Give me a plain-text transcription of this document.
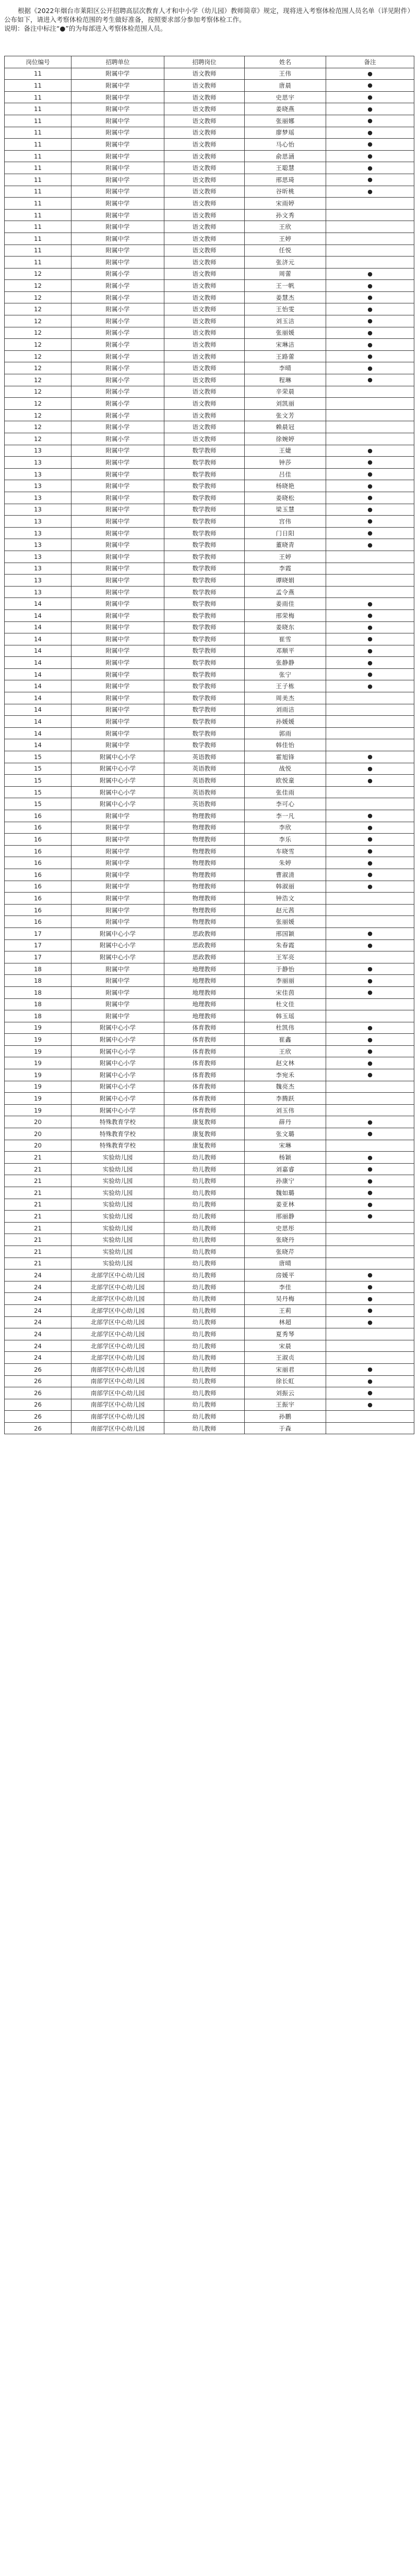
根据《2022年烟台市莱阳区公开招聘高层次教育人才和中小学（幼儿园）教师简章》规定，现将进入考察体检范围人员名单（详见附件）公布如下，请进入考察体检范围的考生做好准备，按照要求部分参加考察体检工作。

说明：备注中标注“●”的为每部进入考察体检范围人员。

岗位编号	招聘单位	招聘岗位	姓名	备注
11	附属中学	语文教师	王伟	●
11	附属中学	语文教师	唐晨	●
11	附属中学	语文教师	史思宇	●
11	附属中学	语文教师	姜晓燕	●
11	附属中学	语文教师	张丽娜	●
11	附属中学	语文教师	廖梦瑶	●
11	附属中学	语文教师	马心怡	●
11	附属中学	语文教师	俞思涵	●
11	附属中学	语文教师	王聪慧	●
11	附属中学	语文教师	邢思琦	●
11	附属中学	语文教师	谷昕桃	●
11	附属中学	语文教师	宋雨婷	
11	附属中学	语文教师	孙文秀	
11	附属中学	语文教师	王欣	
11	附属中学	语文教师	王婷	
11	附属中学	语文教师	任悦	
11	附属中学	语文教师	张济元	
12	附属小学	语文教师	周蕾	●
12	附属小学	语文教师	王一帆	●
12	附属小学	语文教师	姜慧杰	●
12	附属小学	语文教师	王怡雯	●
12	附属小学	语文教师	刘玉洁	●
12	附属小学	语文教师	张丽媛	●
12	附属小学	语文教师	宋琳洁	●
12	附属小学	语文教师	王路蕾	●
12	附属小学	语文教师	李晴	●
12	附属小学	语文教师	程琳	●
12	附属小学	语文教师	辛荣晨	
12	附属小学	语文教师	刘凯丽	
12	附属小学	语文教师	张文芳	
12	附属小学	语文教师	赖晨冠	
12	附属小学	语文教师	徐婉婷	
13	附属中学	数学教师	王婕	●
13	附属中学	数学教师	钟莎	●
13	附属中学	数学教师	吕佳	●
13	附属中学	数学教师	杨晓艳	●
13	附属中学	数学教师	姜晓松	●
13	附属中学	数学教师	梁玉慧	●
13	附属中学	数学教师	宫伟	●
13	附属中学	数学教师	门日阳	●
13	附属中学	数学教师	董晓青	●
13	附属中学	数学教师	王婷	
13	附属中学	数学教师	李霞	
13	附属中学	数学教师	谭晓娟	
13	附属中学	数学教师	孟令燕	
14	附属中学	数学教师	姜雨佳	●
14	附属中学	数学教师	邢荣梅	●
14	附属中学	数学教师	姜晓东	●
14	附属中学	数学教师	崔雪	●
14	附属中学	数学教师	邓顺平	●
14	附属中学	数学教师	张静静	●
14	附属中学	数学教师	张宁	●
14	附属中学	数学教师	王子栋	●
14	附属中学	数学教师	周美杰	
14	附属中学	数学教师	刘雨洁	
14	附属中学	数学教师	孙媛媛	
14	附属中学	数学教师	郭雨	
14	附属中学	数学教师	韩佳怡	
15	附属中心小学	英语教师	霍旭锋	●
15	附属中心小学	英语教师	战悦	●
15	附属中心小学	英语教师	欧悦童	●
15	附属中心小学	英语教师	张佳雨	
15	附属中心小学	英语教师	李可心	
16	附属中学	物理教师	李一凡	●
16	附属中学	物理教师	李欣	●
16	附属中学	物理教师	李乐	●
16	附属中学	物理教师	车晓雪	●
16	附属中学	物理教师	朱婷	●
16	附属中学	物理教师	曹淑清	●
16	附属中学	物理教师	韩淑丽	●
16	附属中学	物理教师	钟浩文	
16	附属中学	物理教师	赵元茜	
16	附属中学	物理教师	张丽媛	
17	附属中心小学	思政教师	邢国颖	●
17	附属中心小学	思政教师	朱春霞	●
17	附属中心小学	思政教师	王军亮	
18	附属中学	地理教师	于静怡	●
18	附属中学	地理教师	李丽丽	●
18	附属中学	地理教师	宋佳茵	●
18	附属中学	地理教师	杜文佳	
18	附属中学	地理教师	韩玉瑶	
19	附属中心小学	体育教师	杜凯伟	●
19	附属中心小学	体育教师	崔鑫	●
19	附属中心小学	体育教师	王欣	●
19	附属中心小学	体育教师	赵文林	●
19	附属中心小学	体育教师	李宛禾	●
19	附属中心小学	体育教师	魏亮杰	
19	附属中心小学	体育教师	李腾跃	
19	附属中心小学	体育教师	刘玉伟	
20	特殊教育学校	康复教师	薛丹	●
20	特殊教育学校	康复教师	张文璐	●
20	特殊教育学校	康复教师	宋琳	
21	实验幼儿园	幼儿教师	杨颖	●
21	实验幼儿园	幼儿教师	刘嘉睿	●
21	实验幼儿园	幼儿教师	孙康宁	●
21	实验幼儿园	幼儿教师	魏如璐	●
21	实验幼儿园	幼儿教师	姜亚林	●
21	实验幼儿园	幼儿教师	邢丽静	●
21	实验幼儿园	幼儿教师	史思彤	
21	实验幼儿园	幼儿教师	张晓丹	
21	实验幼儿园	幼儿教师	张晓芹	
21	实验幼儿园	幼儿教师	唐晴	
24	北部学区中心幼儿园	幼儿教师	房媛平	●
24	北部学区中心幼儿园	幼儿教师	李佳	●
24	北部学区中心幼儿园	幼儿教师	吴丹梅	●
24	北部学区中心幼儿园	幼儿教师	王莉	●
24	北部学区中心幼儿园	幼儿教师	林超	●
24	北部学区中心幼儿园	幼儿教师	夏秀琴	
24	北部学区中心幼儿园	幼儿教师	宋晨	
24	北部学区中心幼儿园	幼儿教师	王淑贞	
26	南部学区中心幼儿园	幼儿教师	宋丽君	●
26	南部学区中心幼儿园	幼儿教师	徐长虹	●
26	南部学区中心幼儿园	幼儿教师	刘振云	●
26	南部学区中心幼儿园	幼儿教师	王振宇	●
26	南部学区中心幼儿园	幼儿教师	孙鹏	
26	南部学区中心幼儿园	幼儿教师	于森	
